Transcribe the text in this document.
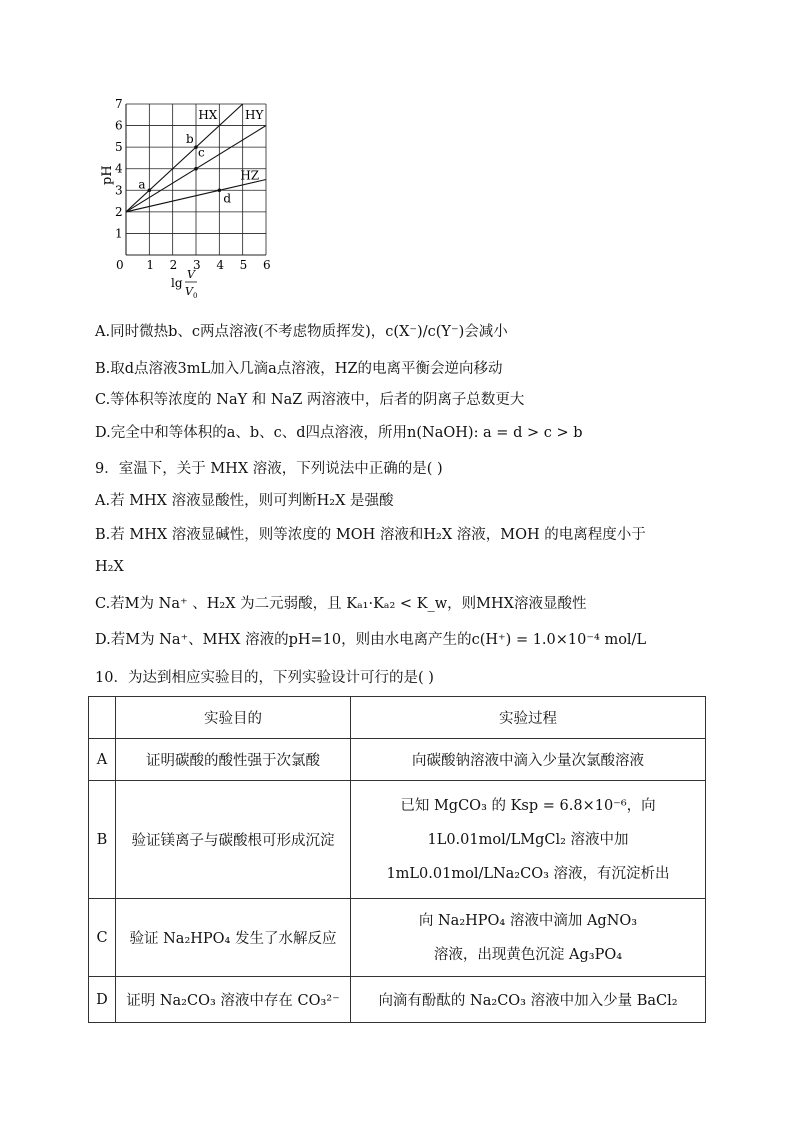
pH
0 1 2 3 4 5 6
1
2
3
4
5
6
7
HX HY
HZ
a
b
c
d
lg
V
V 0
A.同时微热b、c两点溶液(不考虑物质挥发)，c(X⁻)/c(Y⁻)会减小
B.取d点溶液3mL加入几滴a点溶液，HZ的电离平衡会逆向移动
C.等体积等浓度的 NaY 和 NaZ 两溶液中，后者的阴离子总数更大
D.完全中和等体积的a、b、c、d四点溶液，所用n(NaOH): a = d > c > b
9．室温下，关于 MHX 溶液，下列说法中正确的是( )
A.若 MHX 溶液显酸性，则可判断H₂X 是强酸
B.若 MHX 溶液显碱性，则等浓度的 MOH 溶液和H₂X 溶液，MOH 的电离程度小于
H₂X
C.若M为 Na⁺ 、H₂X 为二元弱酸，且 Kₐ₁·Kₐ₂ < K_w，则MHX溶液显酸性
D.若M为 Na⁺、MHX 溶液的pH=10，则由水电离产生的c(H⁺) = 1.0×10⁻⁴ mol/L
10．为达到相应实验目的，下列实验设计可行的是( )
	实验目的	实验过程
A	证明碳酸的酸性强于次氯酸	向碳酸钠溶液中滴入少量次氯酸溶液
B	验证镁离子与碳酸根可形成沉淀	已知 MgCO₃ 的 Ksp = 6.8×10⁻⁶，向
1L0.01mol/LMgCl₂ 溶液中加
1mL0.01mol/LNa₂CO₃ 溶液，有沉淀析出

C	验证 Na₂HPO₄ 发生了水解反应	向 Na₂HPO₄ 溶液中滴加 AgNO₃
溶液，出现黄色沉淀 Ag₃PO₄

D	证明 Na₂CO₃ 溶液中存在 CO₃²⁻	向滴有酚酞的 Na₂CO₃ 溶液中加入少量 BaCl₂
